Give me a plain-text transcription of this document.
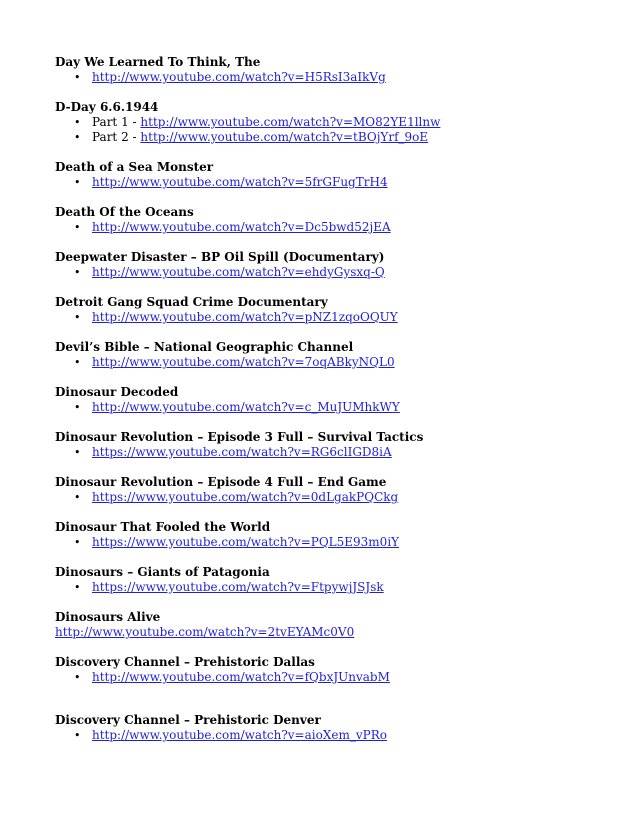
Day We Learned To Think, The
• http://www.youtube.com/watch?v=H5RsI3aIkVg
D-Day 6.6.1944
• Part 1 - http://www.youtube.com/watch?v=MO82YE1llnw
• Part 2 - http://www.youtube.com/watch?v=tBOjYrf_9oE
Death of a Sea Monster
• http://www.youtube.com/watch?v=5frGFugTrH4
Death Of the Oceans
• http://www.youtube.com/watch?v=Dc5bwd52jEA
Deepwater Disaster – BP Oil Spill (Documentary)
• http://www.youtube.com/watch?v=ehdyGysxq-Q
Detroit Gang Squad Crime Documentary
• http://www.youtube.com/watch?v=pNZ1zqoOQUY
Devil’s Bible – National Geographic Channel
• http://www.youtube.com/watch?v=7oqABkyNQL0
Dinosaur Decoded
• http://www.youtube.com/watch?v=c_MuJUMhkWY
Dinosaur Revolution – Episode 3 Full – Survival Tactics
• https://www.youtube.com/watch?v=RG6clIGD8iA
Dinosaur Revolution – Episode 4 Full – End Game
• https://www.youtube.com/watch?v=0dLgakPQCkg
Dinosaur That Fooled the World
• https://www.youtube.com/watch?v=PQL5E93m0iY
Dinosaurs – Giants of Patagonia
• https://www.youtube.com/watch?v=FtpywjJSJsk
Dinosaurs Alive
http://www.youtube.com/watch?v=2tvEYAMc0V0
Discovery Channel – Prehistoric Dallas
• http://www.youtube.com/watch?v=fQbxJUnvabM
Discovery Channel – Prehistoric Denver
• http://www.youtube.com/watch?v=aioXem_vPRo
